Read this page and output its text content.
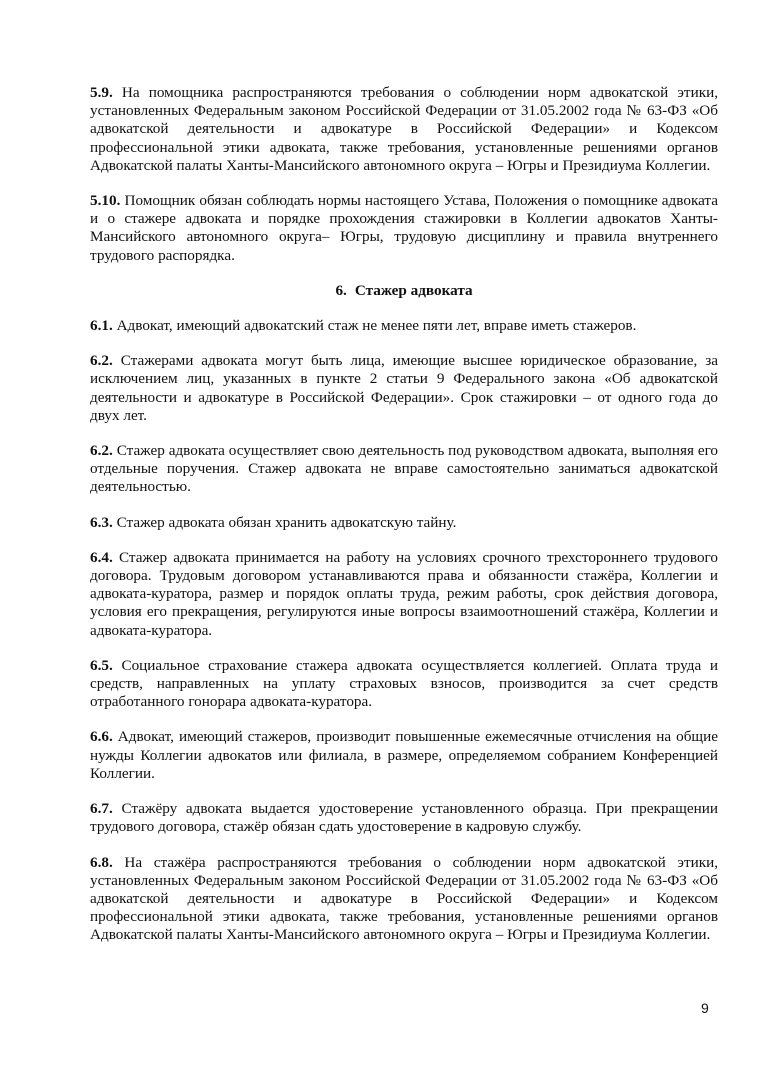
5.9. На помощника распространяются требования о соблюдении норм адвокатской этики, установленных Федеральным законом Российской Федерации от 31.05.2002 года № 63-ФЗ «Об адвокатской деятельности и адвокатуре в Российской Федерации» и Кодексом профессиональной этики адвоката, также требования, установленные решениями органов Адвокатской палаты Ханты-Мансийского автономного округа – Югры и Президиума Коллегии.

5.10. Помощник обязан соблюдать нормы настоящего Устава, Положения о помощнике адвоката и о стажере адвоката и порядке прохождения стажировки в Коллегии адвокатов Ханты-Мансийского автономного округа– Югры, трудовую дисциплину и правила внутреннего трудового распорядка.

6. Стажер адвоката

6.1. Адвокат, имеющий адвокатский стаж не менее пяти лет, вправе иметь стажеров.

6.2. Стажерами адвоката могут быть лица, имеющие высшее юридическое образование, за исключением лиц, указанных в пункте 2 статьи 9 Федерального закона «Об адвокатской деятельности и адвокатуре в Российской Федерации». Срок стажировки – от одного года до двух лет.

6.2. Стажер адвоката осуществляет свою деятельность под руководством адвоката, выполняя его отдельные поручения. Стажер адвоката не вправе самостоятельно заниматься адвокатской деятельностью.

6.3. Стажер адвоката обязан хранить адвокатскую тайну.

6.4. Стажер адвоката принимается на работу на условиях срочного трехстороннего трудового договора. Трудовым договором устанавливаются права и обязанности стажёра, Коллегии и адвоката-куратора, размер и порядок оплаты труда, режим работы, срок действия договора, условия его прекращения, регулируются иные вопросы взаимоотношений стажёра, Коллегии и адвоката-куратора.

6.5. Социальное страхование стажера адвоката осуществляется коллегией. Оплата труда и средств, направленных на уплату страховых взносов, производится за счет средств отработанного гонорара адвоката-куратора.

6.6. Адвокат, имеющий стажеров, производит повышенные ежемесячные отчисления на общие нужды Коллегии адвокатов или филиала, в размере, определяемом собранием Конференцией Коллегии.

6.7. Стажёру адвоката выдается удостоверение установленного образца. При прекращении трудового договора, стажёр обязан сдать удостоверение в кадровую службу.

6.8. На стажёра распространяются требования о соблюдении норм адвокатской этики, установленных Федеральным законом Российской Федерации от 31.05.2002 года № 63-ФЗ «Об адвокатской деятельности и адвокатуре в Российской Федерации» и Кодексом профессиональной этики адвоката, также требования, установленные решениями органов Адвокатской палаты Ханты-Мансийского автономного округа – Югры и Президиума Коллегии.

9
